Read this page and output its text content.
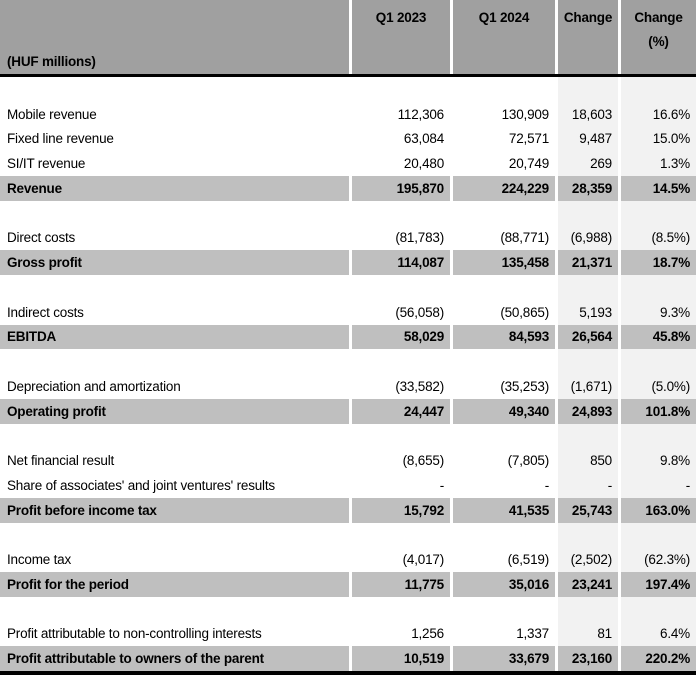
(HUF millions)	Q1 2023	Q1 2024	Change	Change (%)

Mobile revenue	112,306	130,909	18,603	16.6%
Fixed line revenue	63,084	72,571	9,487	15.0%
SI/IT revenue	20,480	20,749	269	1.3%
Revenue	195,870	224,229	28,359	14.5%

Direct costs	(81,783)	(88,771)	(6,988)	(8.5%)
Gross profit	114,087	135,458	21,371	18.7%

Indirect costs	(56,058)	(50,865)	5,193	9.3%
EBITDA	58,029	84,593	26,564	45.8%

Depreciation and amortization	(33,582)	(35,253)	(1,671)	(5.0%)
Operating profit	24,447	49,340	24,893	101.8%

Net financial result	(8,655)	(7,805)	850	9.8%
Share of associates' and joint ventures' results	-	-	-	-
Profit before income tax	15,792	41,535	25,743	163.0%

Income tax	(4,017)	(6,519)	(2,502)	(62.3%)
Profit for the period	11,775	35,016	23,241	197.4%

Profit attributable to non-controlling interests	1,256	1,337	81	6.4%
Profit attributable to owners of the parent	10,519	33,679	23,160	220.2%
